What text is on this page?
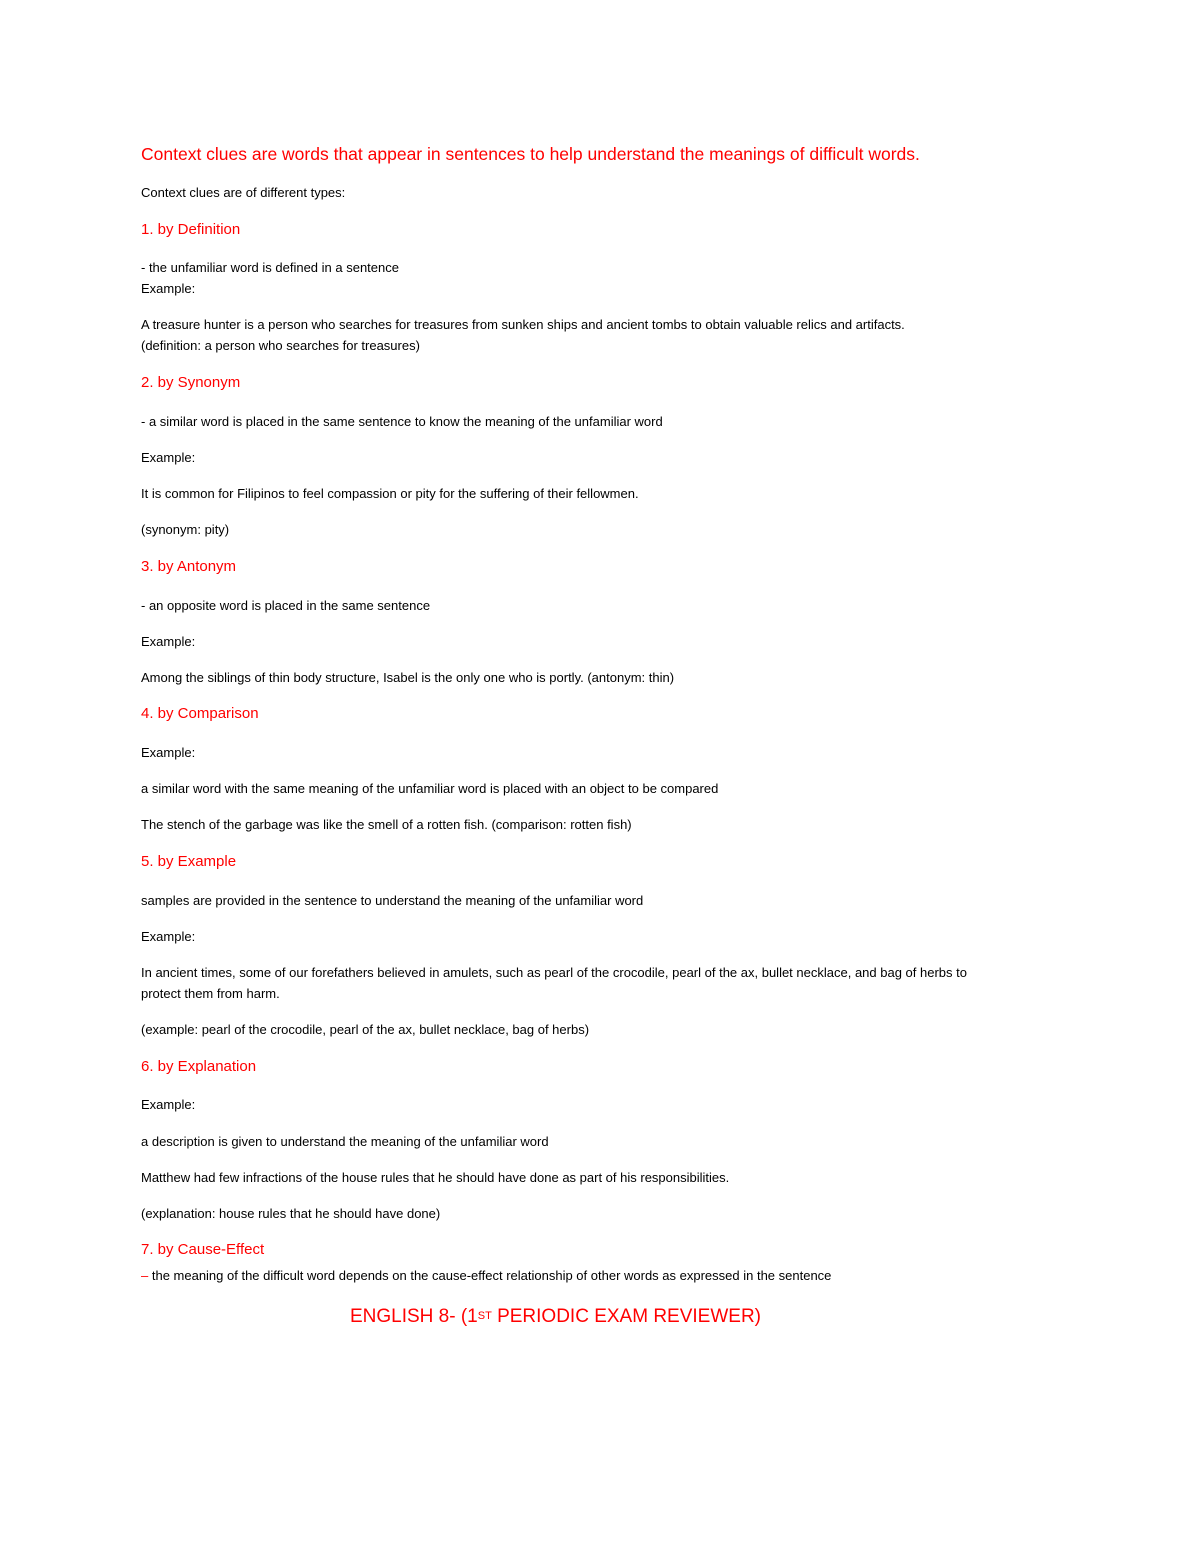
Context clues are words that appear in sentences to help understand the meanings of difficult words.
Context clues are of different types:
1. by Definition
- the unfamiliar word is defined in a sentence
Example:
A treasure hunter is a person who searches for treasures from sunken ships and ancient tombs to obtain valuable relics and artifacts.
(definition: a person who searches for treasures)
2. by Synonym
- a similar word is placed in the same sentence to know the meaning of the unfamiliar word
Example:
It is common for Filipinos to feel compassion or pity for the suffering of their fellowmen.
(synonym: pity)
3. by Antonym
- an opposite word is placed in the same sentence
Example:
Among the siblings of thin body structure, Isabel is the only one who is portly. (antonym: thin)
4. by Comparison
Example:
a similar word with the same meaning of the unfamiliar word is placed with an object to be compared
The stench of the garbage was like the smell of a rotten fish. (comparison: rotten fish)
5. by Example
samples are provided in the sentence to understand the meaning of the unfamiliar word
Example:
In ancient times, some of our forefathers believed in amulets, such as pearl of the crocodile, pearl of the ax, bullet necklace, and bag of herbs to
protect them from harm.
(example: pearl of the crocodile, pearl of the ax, bullet necklace, bag of herbs)
6. by Explanation
Example:
a description is given to understand the meaning of the unfamiliar word
Matthew had few infractions of the house rules that he should have done as part of his responsibilities.
(explanation: house rules that he should have done)
7. by Cause-Effect
– the meaning of the difficult word depends on the cause-effect relationship of other words as expressed in the sentence
ENGLISH 8- (1ST PERIODIC EXAM REVIEWER)
